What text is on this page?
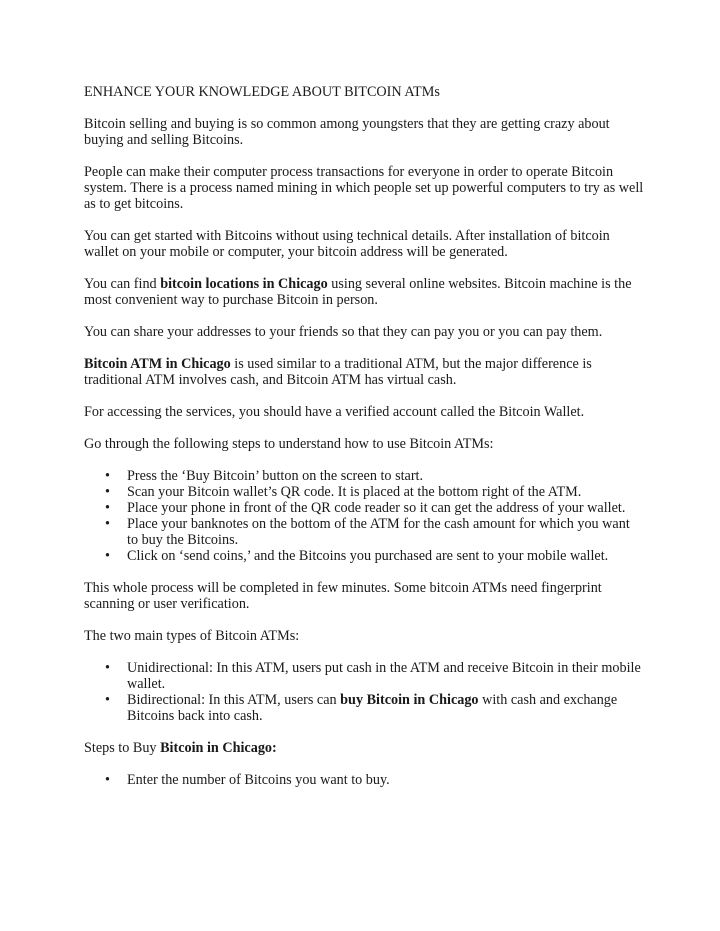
ENHANCE YOUR KNOWLEDGE ABOUT BITCOIN ATMs

Bitcoin selling and buying is so common among youngsters that they are getting crazy about buying and selling Bitcoins.

People can make their computer process transactions for everyone in order to operate Bitcoin system. There is a process named mining in which people set up powerful computers to try as well as to get bitcoins.

You can get started with Bitcoins without using technical details. After installation of bitcoin wallet on your mobile or computer, your bitcoin address will be generated.

You can find bitcoin locations in Chicago using several online websites. Bitcoin machine is the most convenient way to purchase Bitcoin in person.

You can share your addresses to your friends so that they can pay you or you can pay them.

Bitcoin ATM in Chicago is used similar to a traditional ATM, but the major difference is traditional ATM involves cash, and Bitcoin ATM has virtual cash.

For accessing the services, you should have a verified account called the Bitcoin Wallet.

Go through the following steps to understand how to use Bitcoin ATMs:

• Press the ‘Buy Bitcoin’ button on the screen to start.
• Scan your Bitcoin wallet’s QR code. It is placed at the bottom right of the ATM.
• Place your phone in front of the QR code reader so it can get the address of your wallet.
• Place your banknotes on the bottom of the ATM for the cash amount for which you want to buy the Bitcoins.
• Click on ‘send coins,’ and the Bitcoins you purchased are sent to your mobile wallet.

This whole process will be completed in few minutes. Some bitcoin ATMs need fingerprint scanning or user verification.

The two main types of Bitcoin ATMs:

• Unidirectional: In this ATM, users put cash in the ATM and receive Bitcoin in their mobile wallet.
• Bidirectional: In this ATM, users can buy Bitcoin in Chicago with cash and exchange Bitcoins back into cash.

Steps to Buy Bitcoin in Chicago:

• Enter the number of Bitcoins you want to buy.
